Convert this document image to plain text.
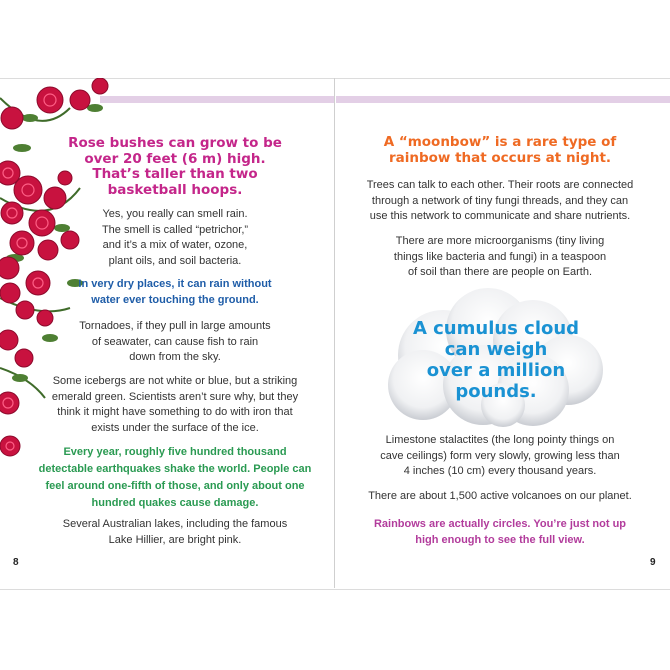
Rose bushes can grow to be

over 20 feet (6 m) high.

That’s taller than two

basketball hoops.

Yes, you really can smell rain.

The smell is called “petrichor,”

and it’s a mix of water, ozone,

plant oils, and soil bacteria.

In very dry places, it can rain without

water ever touching the ground.

Tornadoes, if they pull in large amounts

of seawater, can cause fish to rain

down from the sky.

Some icebergs are not white or blue, but a striking

emerald green. Scientists aren’t sure why, but they

think it might have something to do with iron that

exists under the surface of the ice.

Every year, roughly five hundred thousand

detectable earthquakes shake the world. People can

feel around one-fifth of those, and only about one

hundred quakes cause damage.

Several Australian lakes, including the famous

Lake Hillier, are bright pink.

8

A “moonbow” is a rare type of

rainbow that occurs at night.

Trees can talk to each other. Their roots are connected

through a network of tiny fungi threads, and they can

use this network to communicate and share nutrients.

There are more microorganisms (tiny living

things like bacteria and fungi) in a teaspoon

of soil than there are people on Earth.

A cumulus cloud

can weigh

over a million

pounds.

Limestone stalactites (the long pointy things on

cave ceilings) form very slowly, growing less than

4 inches (10 cm) every thousand years.

There are about 1,500 active volcanoes on our planet.

Rainbows are actually circles. You’re just not up

high enough to see the full view.

9
